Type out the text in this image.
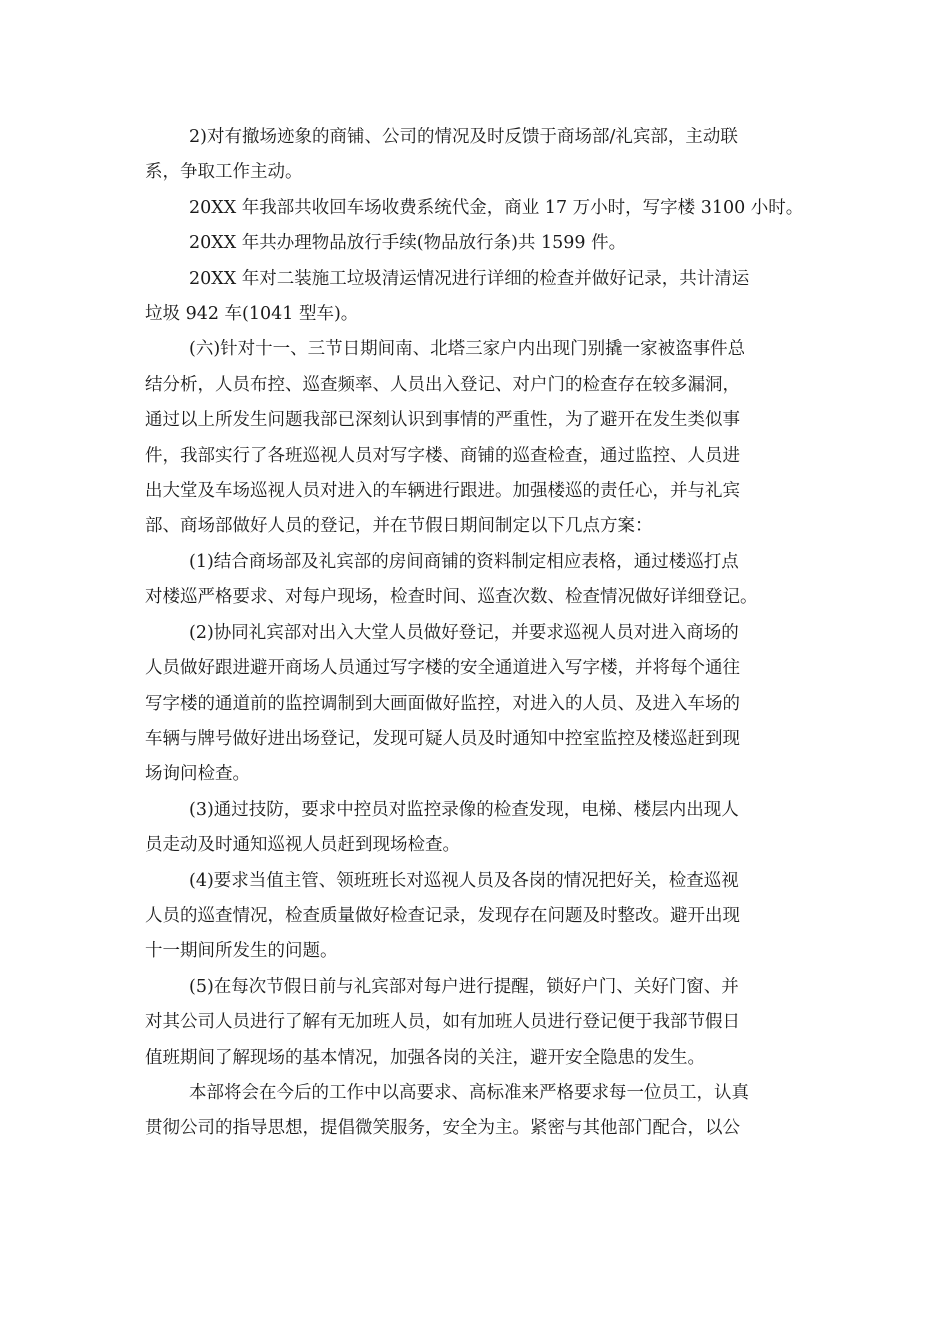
2)对有撤场迹象的商铺、公司的情况及时反馈于商场部/礼宾部，主动联
系，争取工作主动。

20XX 年我部共收回车场收费系统代金，商业 17 万小时，写字楼 3100 小时。

20XX 年共办理物品放行手续(物品放行条)共 1599 件。

20XX 年对二装施工垃圾清运情况进行详细的检查并做好记录，共计清运
垃圾 942 车(1041 型车)。

(六)针对十一、三节日期间南、北塔三家户内出现门别撬一家被盗事件总
结分析，人员布控、巡查频率、人员出入登记、对户门的检查存在较多漏洞，
通过以上所发生问题我部已深刻认识到事情的严重性，为了避开在发生类似事
件，我部实行了各班巡视人员对写字楼、商铺的巡查检查，通过监控、人员进
出大堂及车场巡视人员对进入的车辆进行跟进。加强楼巡的责任心，并与礼宾
部、商场部做好人员的登记，并在节假日期间制定以下几点方案：

(1)结合商场部及礼宾部的房间商铺的资料制定相应表格，通过楼巡打点
对楼巡严格要求、对每户现场，检查时间、巡查次数、检查情况做好详细登记。

(2)协同礼宾部对出入大堂人员做好登记，并要求巡视人员对进入商场的
人员做好跟进避开商场人员通过写字楼的安全通道进入写字楼，并将每个通往
写字楼的通道前的监控调制到大画面做好监控，对进入的人员、及进入车场的
车辆与牌号做好进出场登记，发现可疑人员及时通知中控室监控及楼巡赶到现
场询问检查。

(3)通过技防，要求中控员对监控录像的检查发现，电梯、楼层内出现人
员走动及时通知巡视人员赶到现场检查。

(4)要求当值主管、领班班长对巡视人员及各岗的情况把好关，检查巡视
人员的巡查情况，检查质量做好检查记录，发现存在问题及时整改。避开出现
十一期间所发生的问题。

(5)在每次节假日前与礼宾部对每户进行提醒，锁好户门、关好门窗、并
对其公司人员进行了解有无加班人员，如有加班人员进行登记便于我部节假日
值班期间了解现场的基本情况，加强各岗的关注，避开安全隐患的发生。

本部将会在今后的工作中以高要求、高标准来严格要求每一位员工，认真
贯彻公司的指导思想，提倡微笑服务，安全为主。紧密与其他部门配合，以公
